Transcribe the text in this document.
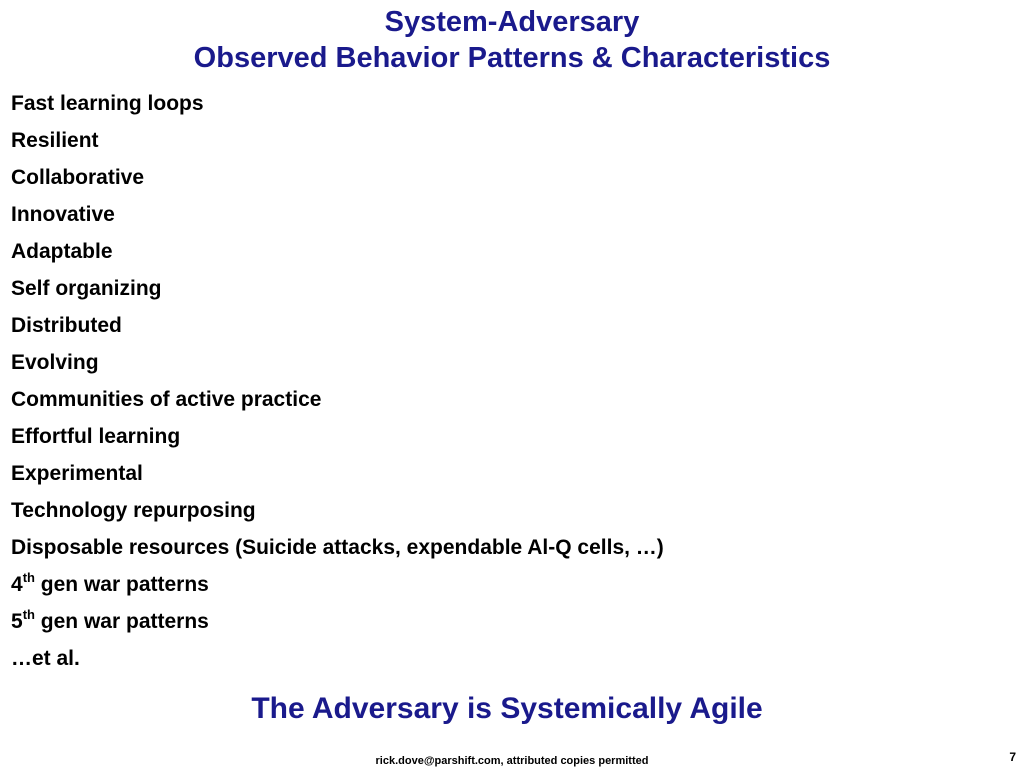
System-Adversary
Observed Behavior Patterns & Characteristics
Fast learning loops
Resilient
Collaborative
Innovative
Adaptable
Self organizing
Distributed
Evolving
Communities of active practice
Effortful learning
Experimental
Technology repurposing
Disposable resources (Suicide attacks, expendable Al-Q cells, …)
4th gen war patterns
5th gen war patterns
…et al.
The Adversary is Systemically Agile
rick.dove@parshift.com, attributed copies permitted	7
